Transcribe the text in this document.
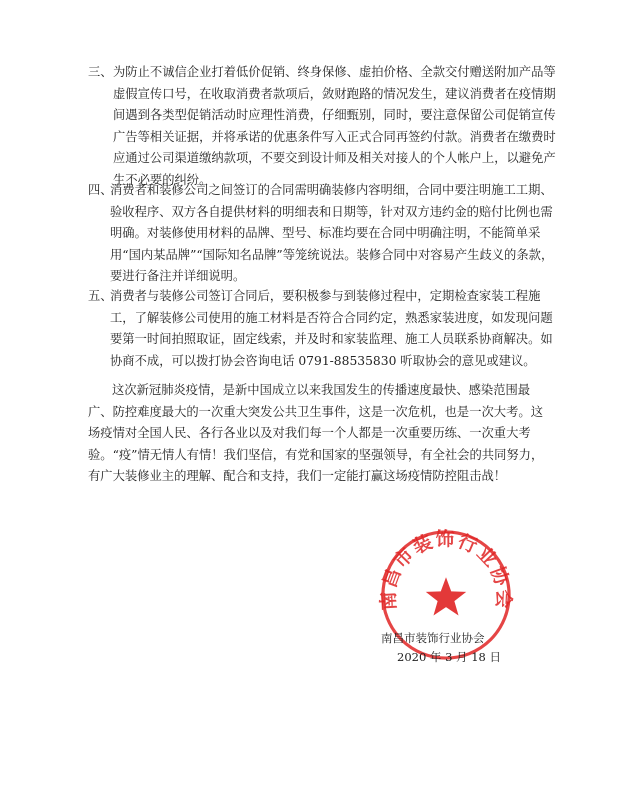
三、 为防止不诚信企业打着低价促销、终身保修、虚拍价格、全款交付赠送附加产品等虚假宣传口号，在收取消费者款项后，敛财跑路的情况发生，建议消费者在疫情期间遇到各类型促销活动时应理性消费，仔细甄别，同时，要注意保留公司促销宣传广告等相关证据，并将承诺的优惠条件写入正式合同再签约付款。消费者在缴费时应通过公司渠道缴纳款项，不要交到设计师及相关对接人的个人帐户上，以避免产生不必要的纠纷。
四、
消费者和装修公司之间签订的合同需明确装修内容明细，合同中要注明施工工期、验收程序、双方各自提供材料的明细表和日期等，针对双方违约金的赔付比例也需明确。对装修使用材料的品牌、型号、标准均要在合同中明确注明，不能简单采用“国内某品牌”“国际知名品牌”等笼统说法。装修合同中对容易产生歧义的条款，要进行备注并详细说明。
五、
消费者与装修公司签订合同后，要积极参与到装修过程中，定期检查家装工程施工，了解装修公司使用的施工材料是否符合合同约定，熟悉家装进度，如发现问题要第一时间拍照取证，固定线索，并及时和家装监理、施工人员联系协商解决。如协商不成，可以拨打协会咨询电话 0791-88535830 听取协会的意见或建议。
这次新冠肺炎疫情，是新中国成立以来我国发生的传播速度最快、感染范围最广、防控难度最大的一次重大突发公共卫生事件，这是一次危机，也是一次大考。这场疫情对全国人民、各行各业以及对我们每一个人都是一次重要历练、一次重大考验。“疫”情无情人有情！我们坚信，有党和国家的坚强领导，有全社会的共同努力，有广大装修业主的理解、配合和支持，我们一定能打赢这场疫情防控阻击战！
南昌市装饰行业协会
南昌市装饰行业协会
2020 年 3 月 18 日
